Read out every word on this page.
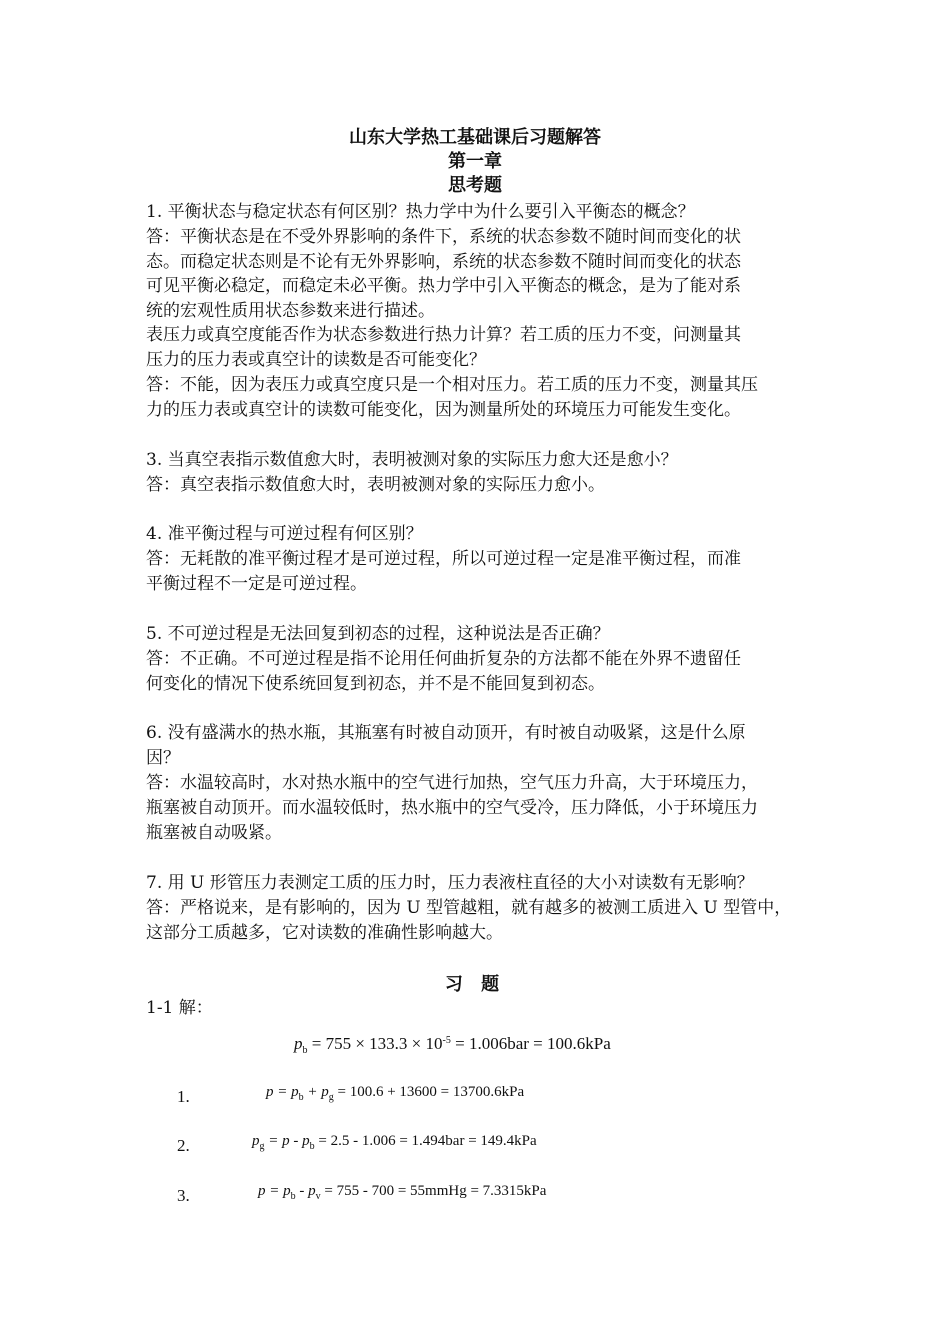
山东大学热工基础课后习题解答
第一章
思考题

1. 平衡状态与稳定状态有何区别？热力学中为什么要引入平衡态的概念？

答：平衡状态是在不受外界影响的条件下，系统的状态参数不随时间而变化的状

态。而稳定状态则是不论有无外界影响，系统的状态参数不随时间而变化的状态

可见平衡必稳定，而稳定未必平衡。热力学中引入平衡态的概念，是为了能对系

统的宏观性质用状态参数来进行描述。

表压力或真空度能否作为状态参数进行热力计算？若工质的压力不变，问测量其

压力的压力表或真空计的读数是否可能变化？

答：不能，因为表压力或真空度只是一个相对压力。若工质的压力不变，测量其压

力的压力表或真空计的读数可能变化，因为测量所处的环境压力可能发生变化。

3. 当真空表指示数值愈大时，表明被测对象的实际压力愈大还是愈小？

答：真空表指示数值愈大时，表明被测对象的实际压力愈小。

4. 准平衡过程与可逆过程有何区别？

答：无耗散的准平衡过程才是可逆过程，所以可逆过程一定是准平衡过程，而准

平衡过程不一定是可逆过程。

5. 不可逆过程是无法回复到初态的过程，这种说法是否正确？

答：不正确。不可逆过程是指不论用任何曲折复杂的方法都不能在外界不遗留任

何变化的情况下使系统回复到初态，并不是不能回复到初态。

6. 没有盛满水的热水瓶，其瓶塞有时被自动顶开，有时被自动吸紧，这是什么原

因？

答：水温较高时，水对热水瓶中的空气进行加热，空气压力升高，大于环境压力，

瓶塞被自动顶开。而水温较低时，热水瓶中的空气受冷，压力降低，小于环境压力

瓶塞被自动吸紧。

7. 用 U 形管压力表测定工质的压力时，压力表液柱直径的大小对读数有无影响？

答：严格说来，是有影响的，因为 U 型管越粗，就有越多的被测工质进入 U 型管中，

这部分工质越多，它对读数的准确性影响越大。

习 题

1-1 解：

$p_b = 755 \times 133.3 \times 10^{-5} = 1.006bar = 100.6kPa$
1.	$p = p_b + p_g = 100.6 + 13600 = 13700.6kPa$
2.	$p_g = p - p_b = 2.5 - 1.006 = 1.494bar = 149.4kPa$
3.	$p = p_b - p_v = 755 - 700$ = 55mmHg = 7.3315kPa
